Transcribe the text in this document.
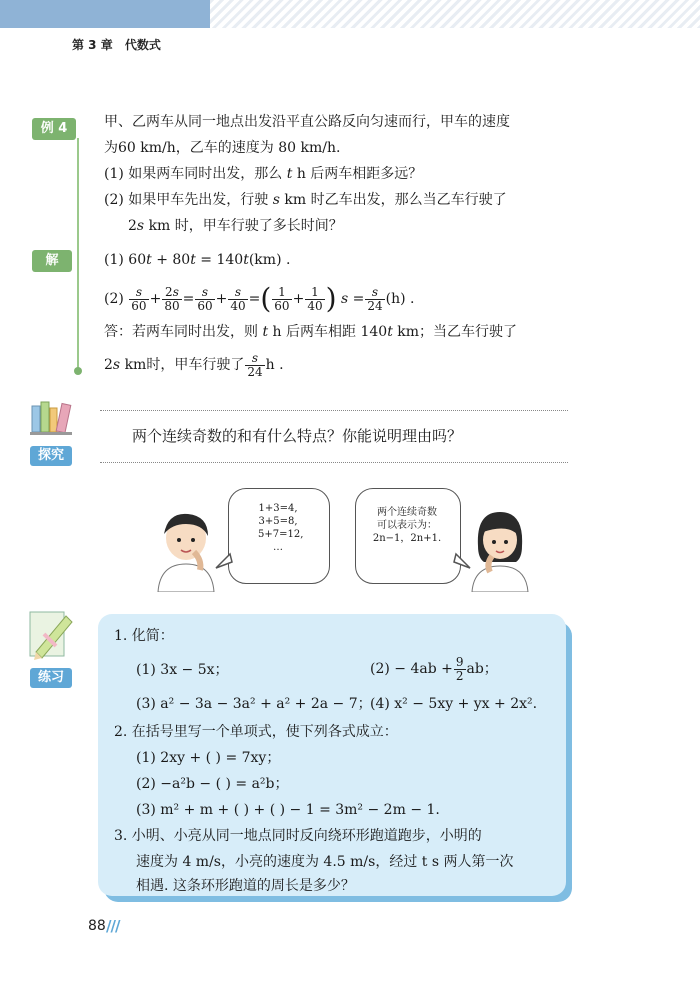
第 3 章 代数式
例 4	甲、乙两车从同一地点出发沿平直公路反向匀速而行，甲车的速度
为60 km/h，乙车的速度为 80 km/h.
(1) 如果两车同时出发，那么 t h 后两车相距多远？
(2) 如果甲车先出发，行驶 s km 时乙车出发，那么当乙车行驶了
2s km 时，甲车行驶了多长时间？
解	(1) 60t + 80t = 140t(km) .
$(2) \frac{s}{60} + \frac{2s}{80} = \frac{s}{60} + \frac{s}{40}$ =( $\frac{1}{60} + \frac{1}{40}$ ) $s = \frac{s}{24} (h)$ .
答：若两车同时出发，则 t h 后两车相距 140t km；当乙车行驶了
2s km时，甲车行驶了 $\frac{s}{24}$ h .
探究
两个连续奇数的和有什么特点？你能说明理由吗？
1+3=4,
3+5=8,
5+7=12,
…
两个连续奇数
可以表示为：
2n−1，2n+1.
练习
1. 化简：
(1) 3x − 5x；	$(2) - 4ab + \frac{9}{2}$ ab；
(3) a² − 3a − 3a² + a² + 2a − 7；
(4) x² − 5xy + yx + 2x².
2. 在括号里写一个单项式，使下列各式成立：
(1) 2xy + ( ) = 7xy；
(2) −a²b − ( ) = a²b；
(3) m² + m + ( ) + ( ) − 1 = 3m² − 2m − 1.
3. 小明、小亮从同一地点同时反向绕环形跑道跑步，小明的
速度为 4 m/s，小亮的速度为 4.5 m/s，经过 t s 两人第一次
相遇. 这条环形跑道的周长是多少？
88 ///
